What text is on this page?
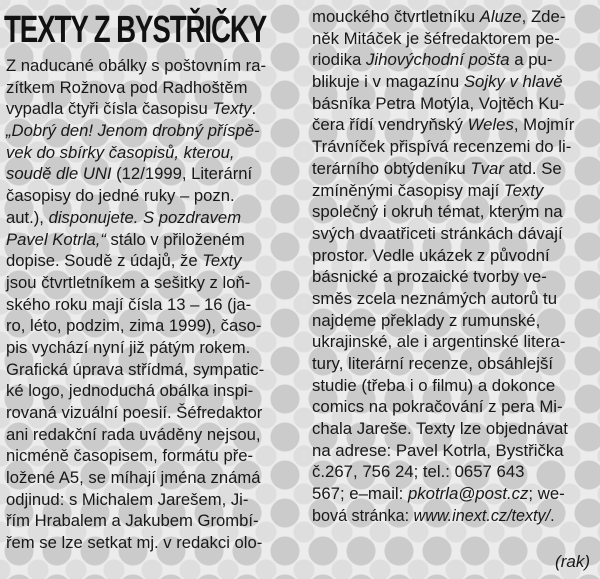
TEXTY Z BYSTŘIČKY
Z naducané obálky s poštovním ra-
zítkem Rožnova pod Radhoštěm
vypadla čtyři čísla časopisu Texty.
„Dobrý den! Jenom drobný příspě-
vek do sbírky časopisů, kterou,
soudě dle UNI (12/1999, Literární
časopisy do jedné ruky – pozn.
aut.), disponujete. S pozdravem
Pavel Kotrla,“ stálo v přiloženém
dopise. Soudě z údajů, že Texty
jsou čtvrtletníkem a sešitky z loň-
ského roku mají čísla 13 – 16 (ja-
ro, léto, podzim, zima 1999), časo-
pis vychází nyní již pátým rokem.
Grafická úprava střídmá, sympatic-
ké logo, jednoduchá obálka inspi-
rovaná vizuální poesií. Šéfredaktor
ani redakční rada uváděny nejsou,
nicméně časopisem, formátu pře-
ložené A5, se míhají jména známá
odjinud: s Michalem Jarešem, Ji-
řím Hrabalem a Jakubem Grombí-
řem se lze setkat mj. v redakci olo-
mouckého čtvrtletníku Aluze, Zde-
něk Mitáček je šéfredaktorem pe-
riodika Jihovýchodní pošta a pu-
blikuje i v magazínu Sojky v hlavě
básníka Petra Motýla, Vojtěch Ku-
čera řídí vendryňský Weles, Mojmír
Trávníček přispívá recenzemi do li-
terárního obtýdeníku Tvar atd. Se
zmíněnými časopisy mají Texty
společný i okruh témat, kterým na
svých dvaatřiceti stránkách dávají
prostor. Vedle ukázek z původní
básnické a prozaické tvorby ve-
směs zcela neznámých autorů tu
najdeme překlady z rumunské,
ukrajinské, ale i argentinské litera-
tury, literární recenze, obsáhlejší
studie (třeba i o filmu) a dokonce
comics na pokračování z pera Mi-
chala Jareše. Texty lze objednávat
na adrese: Pavel Kotrla, Bystřička
č.267, 756 24; tel.: 0657 643
567; e–mail: pkotrla@post.cz; we-
bová stránka: www.inext.cz/texty/.
(rak)
